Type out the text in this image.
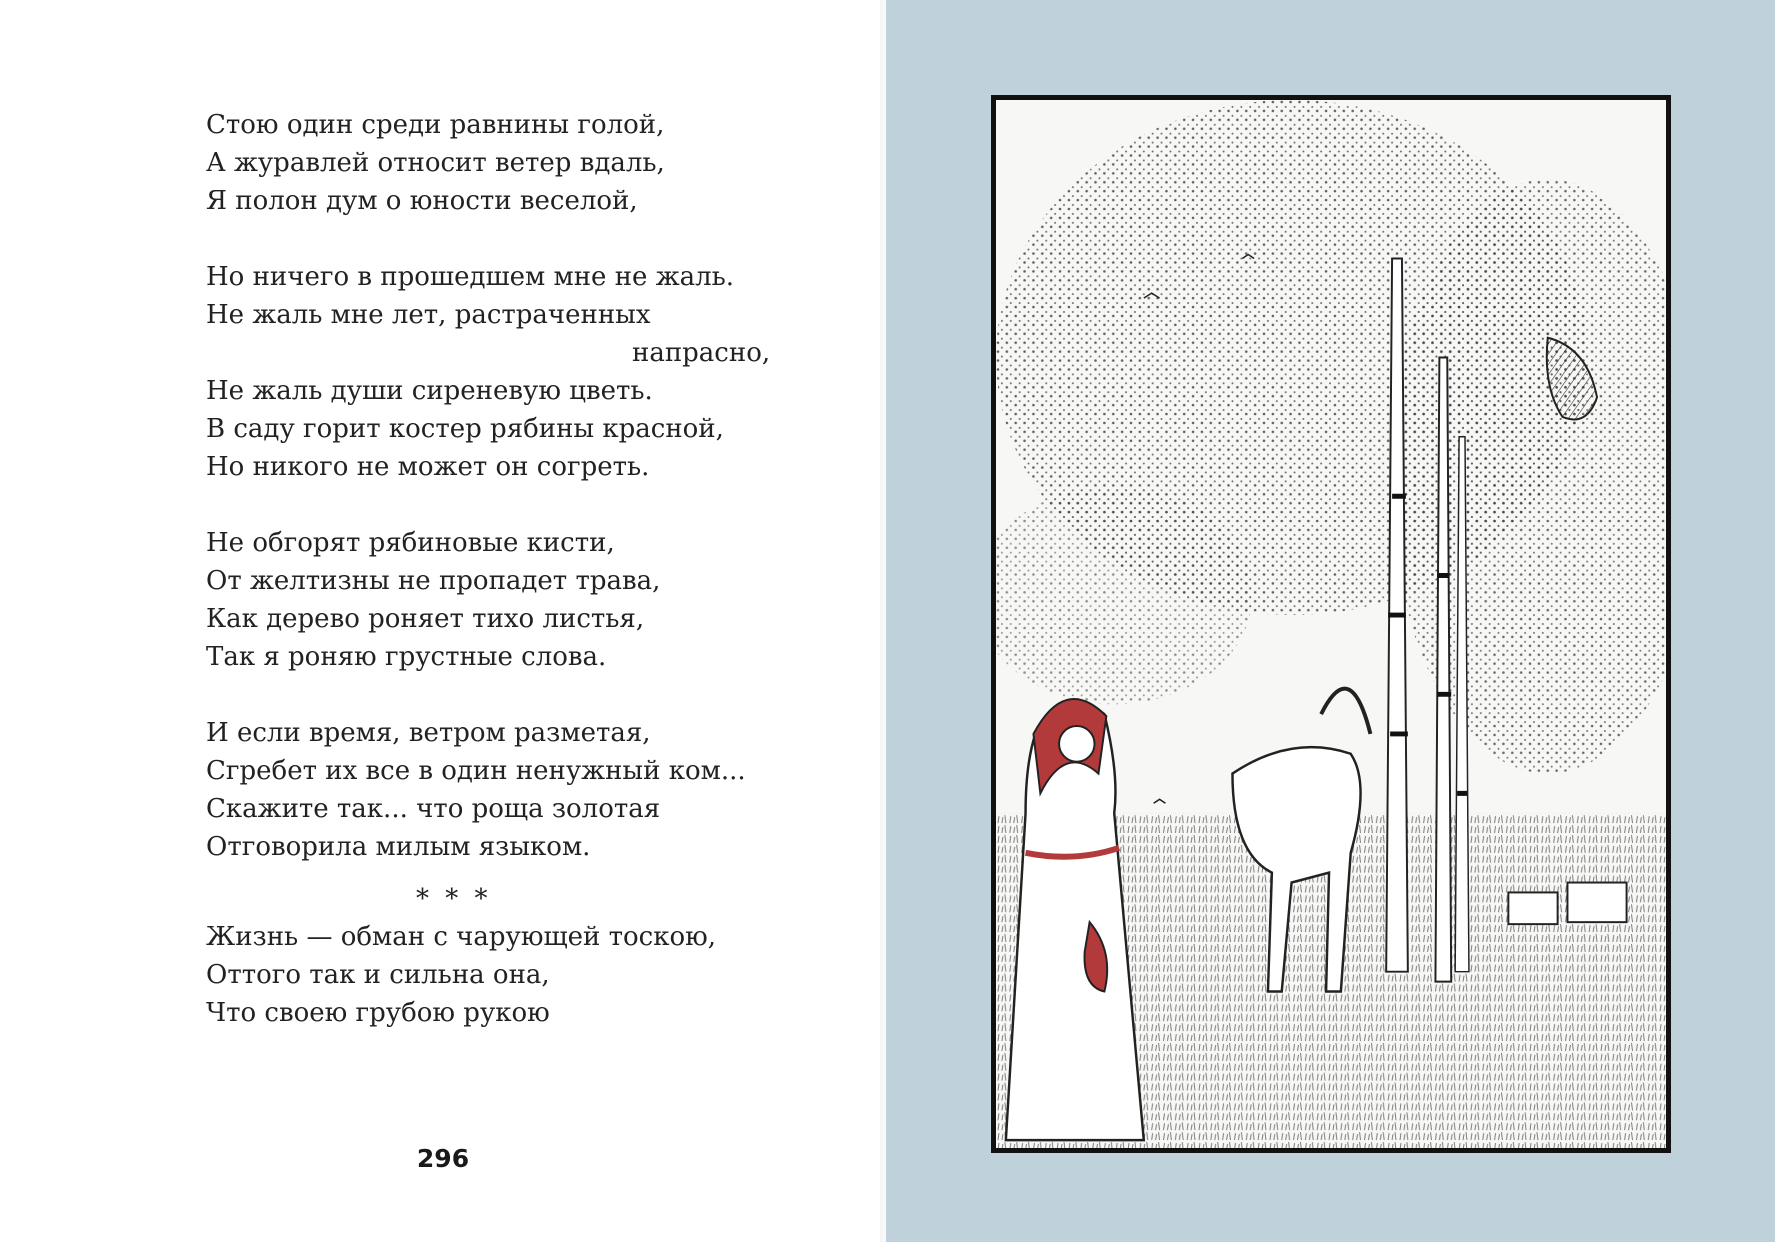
Стою один среди равнины голой,
А журавлей относит ветер вдаль,
Я полон дум о юности веселой,
Но ничего в прошедшем мне не жаль.
Не жаль мне лет, растраченных
напрасно,
Не жаль души сиреневую цветь.
В саду горит костер рябины красной,
Но никого не может он согреть.
Не обгорят рябиновые кисти,
От желтизны не пропадет трава,
Как дерево роняет тихо листья,
Так я роняю грустные слова.
И если время, ветром разметая,
Сгребет их все в один ненужный ком...
Скажите так... что роща золотая
Отговорила милым языком.
* * *
Жизнь — обман с чарующей тоскою,
Оттого так и сильна она,
Что своею грубою рукою
296
